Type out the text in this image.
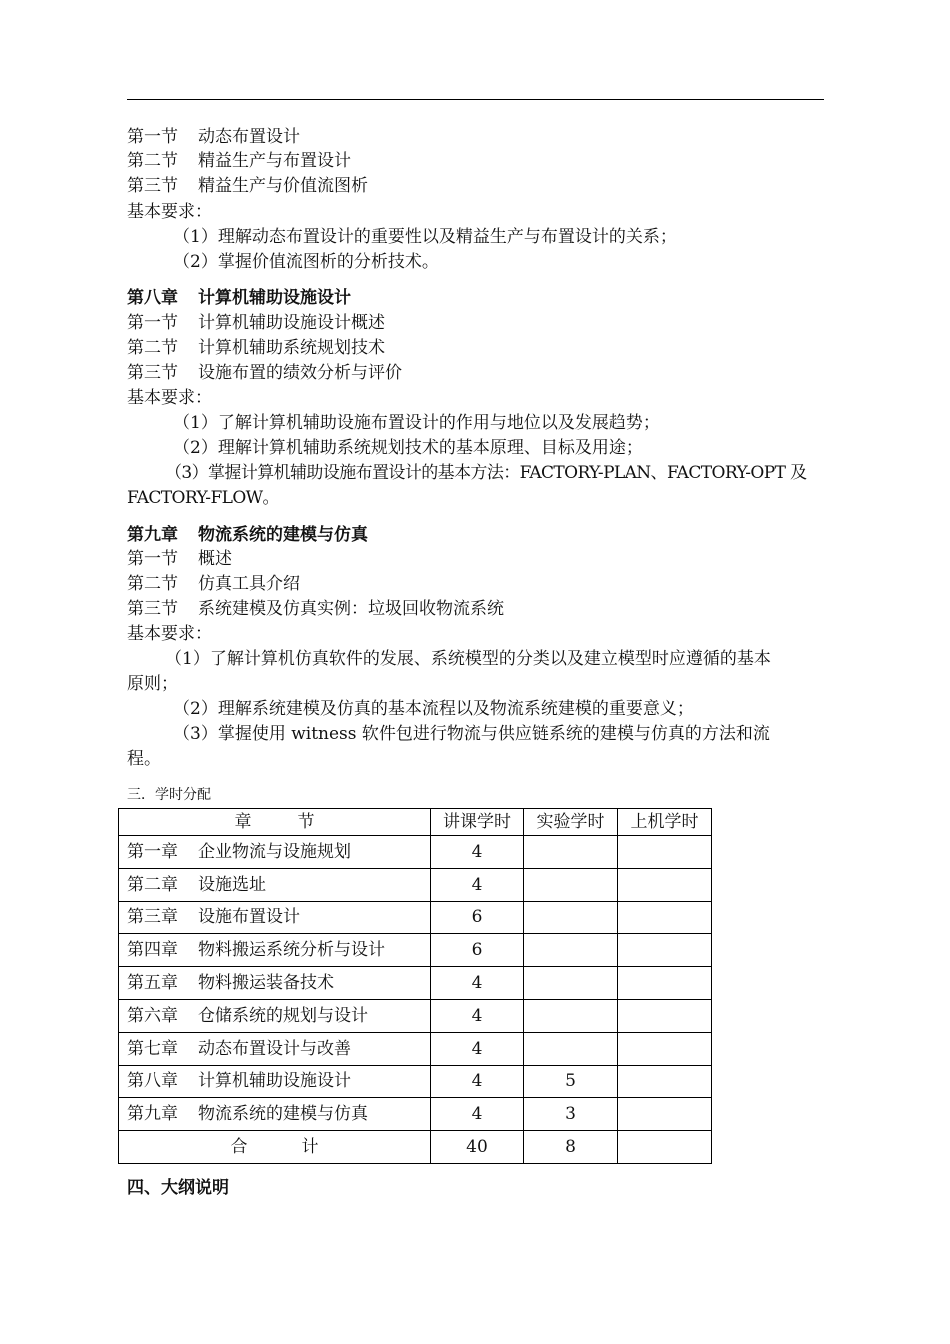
第一节 动态布置设计
第二节 精益生产与布置设计
第三节 精益生产与价值流图析
基本要求：
（1）理解动态布置设计的重要性以及精益生产与布置设计的关系；
（2）掌握价值流图析的分析技术。
第八章 计算机辅助设施设计
第一节 计算机辅助设施设计概述
第二节 计算机辅助系统规划技术
第三节 设施布置的绩效分析与评价
基本要求：
（1）了解计算机辅助设施布置设计的作用与地位以及发展趋势；
（2）理解计算机辅助系统规划技术的基本原理、目标及用途；
（3）掌握计算机辅助设施布置设计的基本方法：FACTORY-PLAN、FACTORY-OPT 及
FACTORY-FLOW。
第九章 物流系统的建模与仿真
第一节 概述
第二节 仿真工具介绍
第三节 系统建模及仿真实例：垃圾回收物流系统
基本要求：
（1）了解计算机仿真软件的发展、系统模型的分类以及建立模型时应遵循的基本
原则；
（2）理解系统建模及仿真的基本流程以及物流系统建模的重要意义；
（3）掌握使用 witness 软件包进行物流与供应链系统的建模与仿真的方法和流
程。
三．学时分配
章 节	讲课学时	实验学时	上机学时
第一章 企业物流与设施规划	4		
第二章 设施选址	4		
第三章 设施布置设计	6		
第四章 物料搬运系统分析与设计	6		
第五章 物料搬运装备技术	4		
第六章 仓储系统的规划与设计	4		
第七章 动态布置设计与改善	4		
第八章 计算机辅助设施设计	4	5	
第九章 物流系统的建模与仿真	4	3	
合 计	40	8	
四、大纲说明
